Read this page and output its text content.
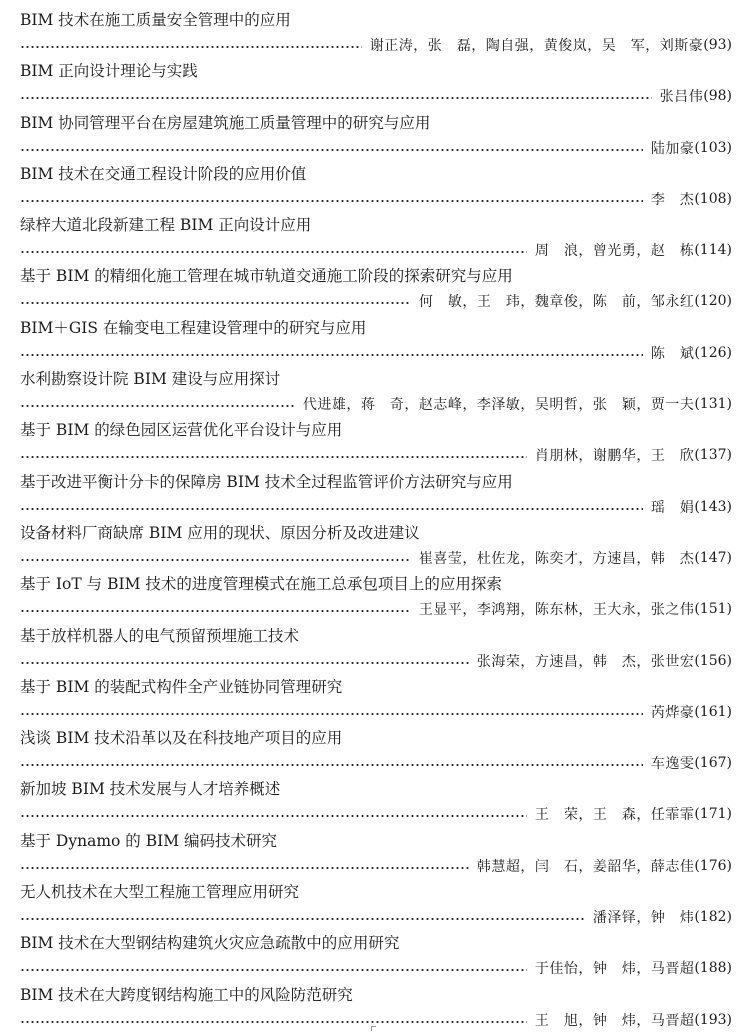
BIM 技术在施工质量安全管理中的应用
谢正涛，张　磊，陶自强，黄俊岚，吴　军，刘斯豪 (93)
BIM 正向设计理论与实践
张吕伟 (98)
BIM 协同管理平台在房屋建筑施工质量管理中的研究与应用
陆加豪 (103)
BIM 技术在交通工程设计阶段的应用价值
李　杰 (108)
绿梓大道北段新建工程 BIM 正向设计应用
周　浪，曾光勇，赵　栋 (114)
基于 BIM 的精细化施工管理在城市轨道交通施工阶段的探索研究与应用
何　敏，王　玮，魏章俊，陈　前，邹永红 (120)
BIM＋GIS 在输变电工程建设管理中的研究与应用
陈　斌 (126)
水利勘察设计院 BIM 建设与应用探讨
代进雄，蒋　奇，赵志峰，李泽敏，吴明哲，张　颖，贾一夫 (131)
基于 BIM 的绿色园区运营优化平台设计与应用
肖朋林，谢鹏华，王　欣 (137)
基于改进平衡计分卡的保障房 BIM 技术全过程监管评价方法研究与应用
瑶　娟 (143)
设备材料厂商缺席 BIM 应用的现状、原因分析及改进建议
崔喜莹，杜佐龙，陈奕才，方速昌，韩　杰 (147)
基于 IoT 与 BIM 技术的进度管理模式在施工总承包项目上的应用探索
王显平，李鸿翔，陈东林，王大永，张之伟 (151)
基于放样机器人的电气预留预埋施工技术
张海荣，方速昌，韩　杰，张世宏 (156)
基于 BIM 的装配式构件全产业链协同管理研究
芮烨豪 (161)
浅谈 BIM 技术沿革以及在科技地产项目的应用
车逸雯 (167)
新加坡 BIM 技术发展与人才培养概述
王　荣，王　森，任霏霏 (171)
基于 Dynamo 的 BIM 编码技术研究
韩慧超，闫　石，姜韶华，薛志佳 (176)
无人机技术在大型工程施工管理应用研究
潘泽铎，钟　炜 (182)
BIM 技术在大型钢结构建筑火灾应急疏散中的应用研究
于佳怡，钟　炜，马晋超 (188)
BIM 技术在大跨度钢结构施工中的风险防范研究
王　旭，钟　炜，马晋超 (193)
